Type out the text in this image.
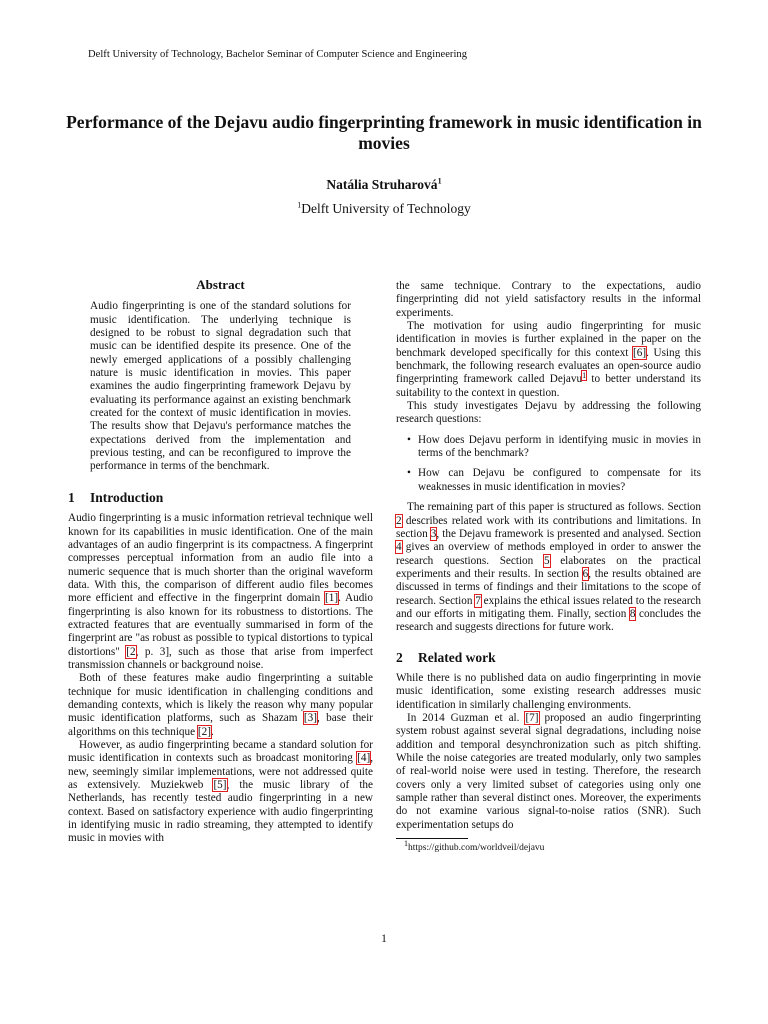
Delft University of Technology, Bachelor Seminar of Computer Science and Engineering
Performance of the Dejavu audio fingerprinting framework in music identification in movies
Natália Struharová$^1$
$^1$Delft University of Technology
Abstract

Audio fingerprinting is one of the standard solutions for music identification. The underlying technique is designed to be robust to signal degradation such that music can be identified despite its presence. One of the newly emerged applications of a possibly challenging nature is music identification in movies. This paper examines the audio fingerprinting framework Dejavu by evaluating its performance against an existing benchmark created for the context of music identification in movies. The results show that Dejavu's performance matches the expectations derived from the implementation and previous testing, and can be reconfigured to improve the performance in terms of the benchmark.

1 Introduction

Audio fingerprinting is a music information retrieval technique well known for its capabilities in music identification. One of the main advantages of an audio fingerprint is its compactness. A fingerprint compresses perceptual information from an audio file into a numeric sequence that is much shorter than the original waveform data. With this, the comparison of different audio files becomes more efficient and effective in the fingerprint domain [1]. Audio fingerprinting is also known for its robustness to distortions. The extracted features that are eventually summarised in form of the fingerprint are "as robust as possible to typical distortions to typical distortions" [2, p. 3], such as those that arise from imperfect transmission channels or background noise.

Both of these features make audio fingerprinting a suitable technique for music identification in challenging conditions and demanding contexts, which is likely the reason why many popular music identification platforms, such as Shazam [3], base their algorithms on this technique [2].

However, as audio fingerprinting became a standard solution for music identification in contexts such as broadcast monitoring [4], new, seemingly similar implementations, were not addressed quite as extensively. Muziekweb [5], the music library of the Netherlands, has recently tested audio fingerprinting in a new context. Based on satisfactory experience with audio fingerprinting in identifying music in radio streaming, they attempted to identify music in movies with

the same technique. Contrary to the expectations, audio fingerprinting did not yield satisfactory results in the informal experiments.

The motivation for using audio fingerprinting for music identification in movies is further explained in the paper on the benchmark developed specifically for this context [6]. Using this benchmark, the following research evaluates an open-source audio fingerprinting framework called Dejavu$^1$ to better understand its suitability to the context in question.

This study investigates Dejavu by addressing the following research questions:

• How does Dejavu perform in identifying music in movies in terms of the benchmark?
• How can Dejavu be configured to compensate for its weaknesses in music identification in movies?

The remaining part of this paper is structured as follows. Section 2 describes related work with its contributions and limitations. In section 3, the Dejavu framework is presented and analysed. Section 4 gives an overview of methods employed in order to answer the research questions. Section 5 elaborates on the practical experiments and their results. In section 6, the results obtained are discussed in terms of findings and their limitations to the scope of research. Section 7 explains the ethical issues related to the research and our efforts in mitigating them. Finally, section 8 concludes the research and suggests directions for future work.

2 Related work

While there is no published data on audio fingerprinting in movie music identification, some existing research addresses music identification in similarly challenging environments.

In 2014 Guzman et al. [7] proposed an audio fingerprinting system robust against several signal degradations, including noise addition and temporal desynchronization such as pitch shifting. While the noise categories are treated modularly, only two samples of real-world noise were used in testing. Therefore, the research covers only a very limited subset of categories using only one sample rather than several distinct ones. Moreover, the experiments do not examine various signal-to-noise ratios (SNR). Such experimentation setups do

$^1$https://github.com/worldveil/dejavu
1
